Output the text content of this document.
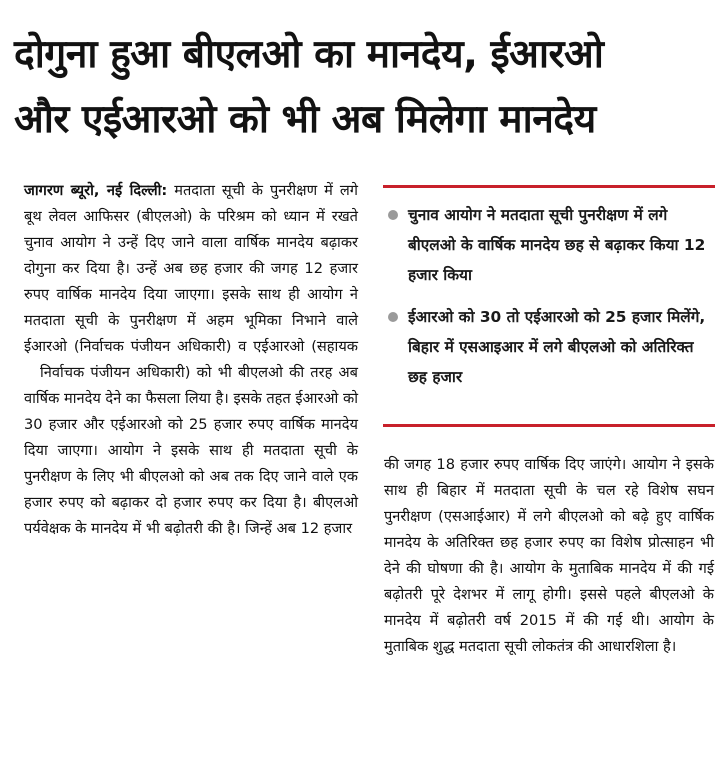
दोगुना हुआ बीएलओ का मानदेय, ईआरओ
और एईआरओ को भी अब मिलेगा मानदेय

जागरण ब्यूरो, नई दिल्ली: मतदाता सूची के पुनरीक्षण में लगे बूथ लेवल आफिसर (बीएलओ) के परिश्रम को ध्यान में रखते चुनाव आयोग ने उन्हें दिए जाने वाला वार्षिक मानदेय बढ़ाकर दोगुना कर दिया है। उन्हें अब छह हजार की जगह 12 हजार रुपए वार्षिक मानदेय दिया जाएगा। इसके साथ ही आयोग ने मतदाता सूची के पुनरीक्षण में अहम भूमिका निभाने वाले ईआरओ (निर्वाचक पंजीयन अधिकारी) व एईआरओ (सहायक

निर्वाचक पंजीयन अधिकारी) को भी बीएलओ की तरह अब वार्षिक मानदेय देने का फैसला लिया है। इसके तहत ईआरओ को 30 हजार और एईआरओ को 25 हजार रुपए वार्षिक मानदेय दिया जाएगा। आयोग ने इसके साथ ही मतदाता सूची के पुनरीक्षण के लिए भी बीएलओ को अब तक दिए जाने वाले एक हजार रुपए को बढ़ाकर दो हजार रुपए कर दिया है। बीएलओ पर्यवेक्षक के मानदेय में भी बढ़ोतरी की है। जिन्हें अब 12 हजार

चुनाव आयोग ने मतदाता सूची पुनरीक्षण में लगे बीएलओ के वार्षिक मानदेय छह से बढ़ाकर किया 12 हजार किया
ईआरओ को 30 तो एईआरओ को 25 हजार मिलेंगे, बिहार में एसआइआर में लगे बीएलओ को अतिरिक्त छह हजार

की जगह 18 हजार रुपए वार्षिक दिए जाएंगे। आयोग ने इसके साथ ही बिहार में मतदाता सूची के चल रहे विशेष सघन पुनरीक्षण (एसआईआर) में लगे बीएलओ को बढ़े हुए वार्षिक मानदेय के अतिरिक्त छह हजार रुपए का विशेष प्रोत्साहन भी देने की घोषणा की है। आयोग के मुताबिक मानदेय में की गई बढ़ोतरी पूरे देशभर में लागू होगी। इससे पहले बीएलओ के मानदेय में बढ़ोतरी वर्ष 2015 में की गई थी। आयोग के मुताबिक शुद्ध मतदाता सूची लोकतंत्र की आधारशिला है।
